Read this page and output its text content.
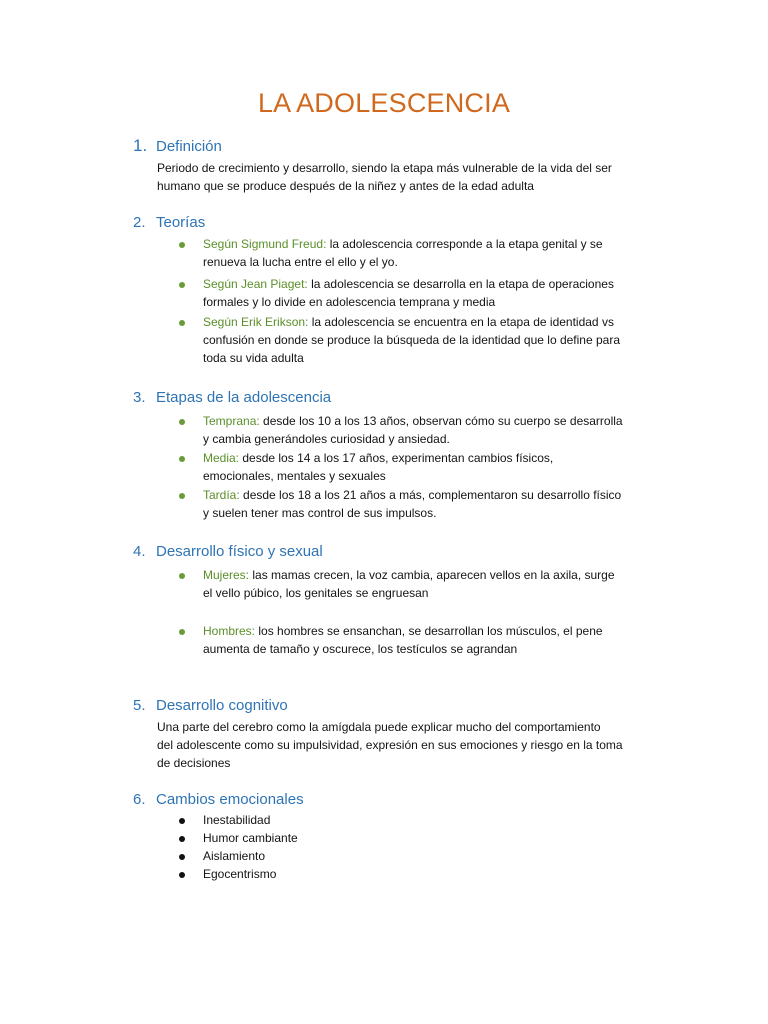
LA ADOLESCENCIA
1. Definición
Periodo de crecimiento y desarrollo, siendo la etapa más vulnerable de la vida del ser
humano que se produce después de la niñez y antes de la edad adulta
2. Teorías
Según Sigmund Freud: la adolescencia corresponde a la etapa genital y se
renueva la lucha entre el ello y el yo.
Según Jean Piaget: la adolescencia se desarrolla en la etapa de operaciones
formales y lo divide en adolescencia temprana y media
Según Erik Erikson: la adolescencia se encuentra en la etapa de identidad vs
confusión en donde se produce la búsqueda de la identidad que lo define para
toda su vida adulta
3. Etapas de la adolescencia
Temprana: desde los 10 a los 13 años, observan cómo su cuerpo se desarrolla
y cambia generándoles curiosidad y ansiedad.
Media: desde los 14 a los 17 años, experimentan cambios físicos,
emocionales, mentales y sexuales
Tardía: desde los 18 a los 21 años a más, complementaron su desarrollo físico
y suelen tener mas control de sus impulsos.
4. Desarrollo físico y sexual
Mujeres: las mamas crecen, la voz cambia, aparecen vellos en la axila, surge
el vello púbico, los genitales se engruesan
Hombres: los hombres se ensanchan, se desarrollan los músculos, el pene
aumenta de tamaño y oscurece, los testículos se agrandan
5. Desarrollo cognitivo
Una parte del cerebro como la amígdala puede explicar mucho del comportamiento
del adolescente como su impulsividad, expresión en sus emociones y riesgo en la toma
de decisiones
6. Cambios emocionales
Inestabilidad
Humor cambiante
Aislamiento
Egocentrismo
